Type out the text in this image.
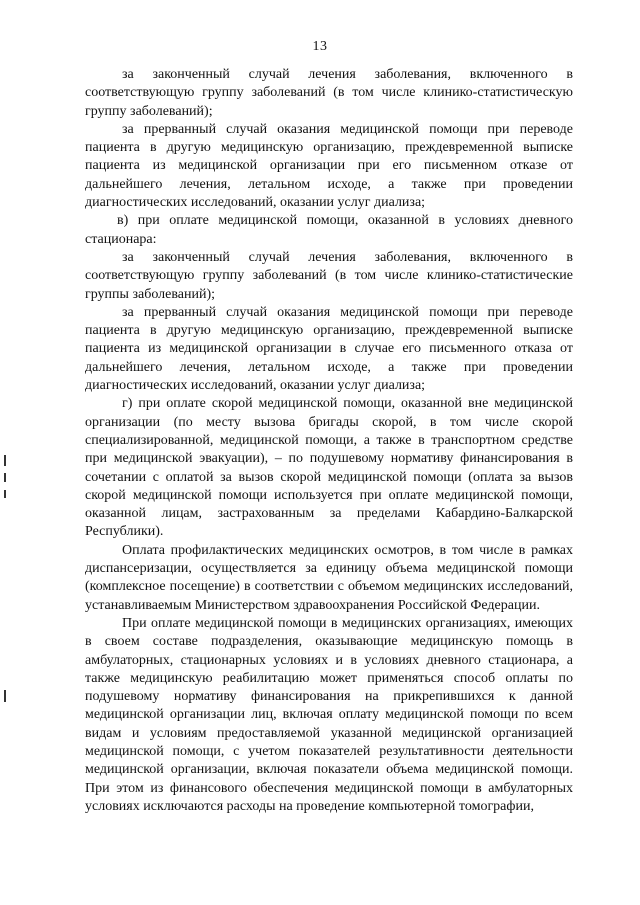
13

за законченный случай лечения заболевания, включенного в соответствующую группу заболеваний (в том числе клинико-статистическую группу заболеваний);

за прерванный случай оказания медицинской помощи при переводе пациента в другую медицинскую организацию, преждевременной выписке пациента из медицинской организации при его письменном отказе от дальнейшего лечения, летальном исходе, а также при проведении диагностических исследований, оказании услуг диализа;

в) при оплате медицинской помощи, оказанной в условиях дневного стационара:

за законченный случай лечения заболевания, включенного в соответствующую группу заболеваний (в том числе клинико-статистические группы заболеваний);

за прерванный случай оказания медицинской помощи при переводе пациента в другую медицинскую организацию, преждевременной выписке пациента из медицинской организации в случае его письменного отказа от дальнейшего лечения, летальном исходе, а также при проведении диагностических исследований, оказании услуг диализа;

г) при оплате скорой медицинской помощи, оказанной вне медицинской организации (по месту вызова бригады скорой, в том числе скорой специализированной, медицинской помощи, а также в транспортном средстве при медицинской эвакуации), – по подушевому нормативу финансирования в сочетании с оплатой за вызов скорой медицинской помощи (оплата за вызов скорой медицинской помощи используется при оплате медицинской помощи, оказанной лицам, застрахованным за пределами Кабардино-Балкарской Республики).

Оплата профилактических медицинских осмотров, в том числе в рамках диспансеризации, осуществляется за единицу объема медицинской помощи (комплексное посещение) в соответствии с объемом медицинских исследований, устанавливаемым Министерством здравоохранения Российской Федерации.

При оплате медицинской помощи в медицинских организациях, имеющих в своем составе подразделения, оказывающие медицинскую помощь в амбулаторных, стационарных условиях и в условиях дневного стационара, а также медицинскую реабилитацию может применяться способ оплаты по подушевому нормативу финансирования на прикрепившихся к данной медицинской организации лиц, включая оплату медицинской помощи по всем видам и условиям предоставляемой указанной медицинской организацией медицинской помощи, с учетом показателей результативности деятельности медицинской организации, включая показатели объема медицинской помощи. При этом из финансового обеспечения медицинской помощи в амбулаторных условиях исключаются расходы на проведение компьютерной томографии,
